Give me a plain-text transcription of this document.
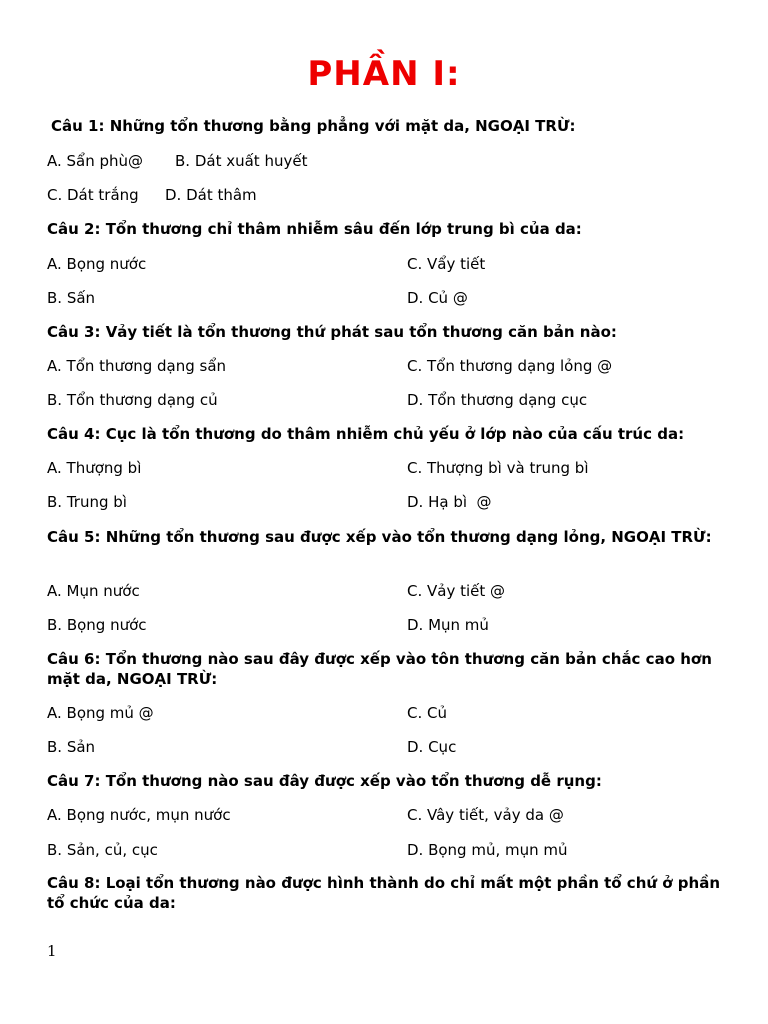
PHẦN I:
Câu 1: Những tổn thương bằng phẳng với mặt da, NGOẠI TRỪ:
A. Sẩn phù@ B. Dát xuất huyết
C. Dát trắng D. Dát thâm
Câu 2: Tổn thương chỉ thâm nhiễm sâu đến lớp trung bì của da:
A. Bọng nước	C. Vẩy tiết
B. Sấn	D. Củ @
Câu 3: Vảy tiết là tổn thương thứ phát sau tổn thương căn bản nào:
A. Tổn thương dạng sẩn	C. Tổn thương dạng lỏng @
B. Tổn thương dạng củ	D. Tổn thương dạng cục
Câu 4: Cục là tổn thương do thâm nhiễm chủ yếu ở lớp nào của cấu trúc da:
A. Thượng bì	C. Thượng bì và trung bì
B. Trung bì	D. Hạ bì  @
Câu 5: Những tổn thương sau được xếp vào tổn thương dạng lỏng, NGOẠI TRỪ:
A. Mụn nước	C. Vảy tiết @
B. Bọng nước	D. Mụn mủ
Câu 6: Tổn thương nào sau đây được xếp vào tôn thương căn bản chắc cao hơn mặt da, NGOẠI TRỪ:
A. Bọng mủ @	C. Củ
B. Sản	D. Cục
Câu 7: Tổn thương nào sau đây được xếp vào tổn thương dễ rụng:
A. Bọng nước, mụn nước	C. Vây tiết, vảy da @
B. Sản, củ, cục	D. Bọng mủ, mụn mủ
Câu 8: Loại tổn thương nào được hình thành do chỉ mất một phần tổ chứ ở phần tổ chức của da:
1
